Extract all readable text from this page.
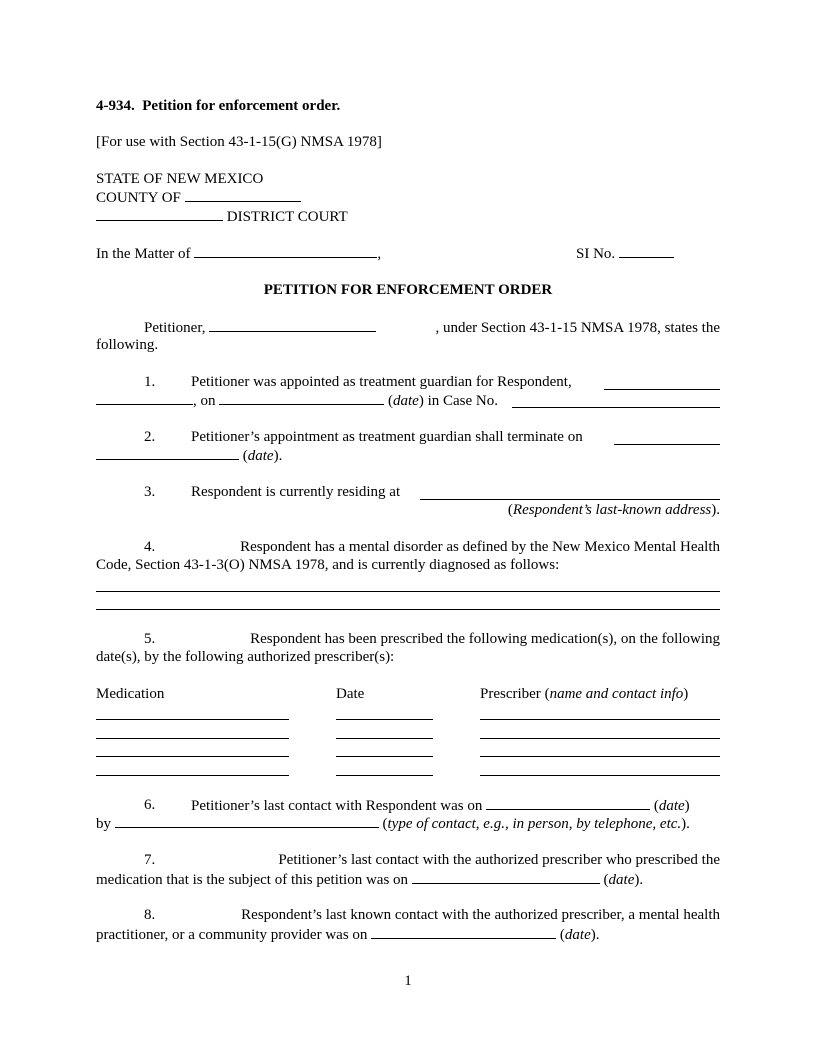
4-934. Petition for enforcement order.
[For use with Section 43-1-15(G) NMSA 1978]
STATE OF NEW MEXICO
COUNTY OF
DISTRICT COURT
In the Matter of	,	SI No.
PETITION FOR ENFORCEMENT ORDER
Petitioner,	, under Section 43-1-15 NMSA 1978, states the
following.
1. Petitioner was appointed as treatment guardian for Respondent,
, on	(date) in Case No.
2. Petitioner’s appointment as treatment guardian shall terminate on
(date).
3. Respondent is currently residing at
(Respondent’s last-known address).
4.	Respondent has a mental disorder as defined by the New Mexico Mental Health
Code, Section 43-1-3(O) NMSA 1978, and is currently diagnosed as follows:
5.	Respondent has been prescribed the following medication(s), on the following
date(s), by the following authorized prescriber(s):
Medication	Date	Prescriber (name and contact info)
6. Petitioner’s last contact with Respondent was on	(date)
by	(type of contact, e.g., in person, by telephone, etc.).
7.	Petitioner’s last contact with the authorized prescriber who prescribed the
medication that is the subject of this petition was on	(date).
8.	Respondent’s last known contact with the authorized prescriber, a mental health
practitioner, or a community provider was on	(date).
1
